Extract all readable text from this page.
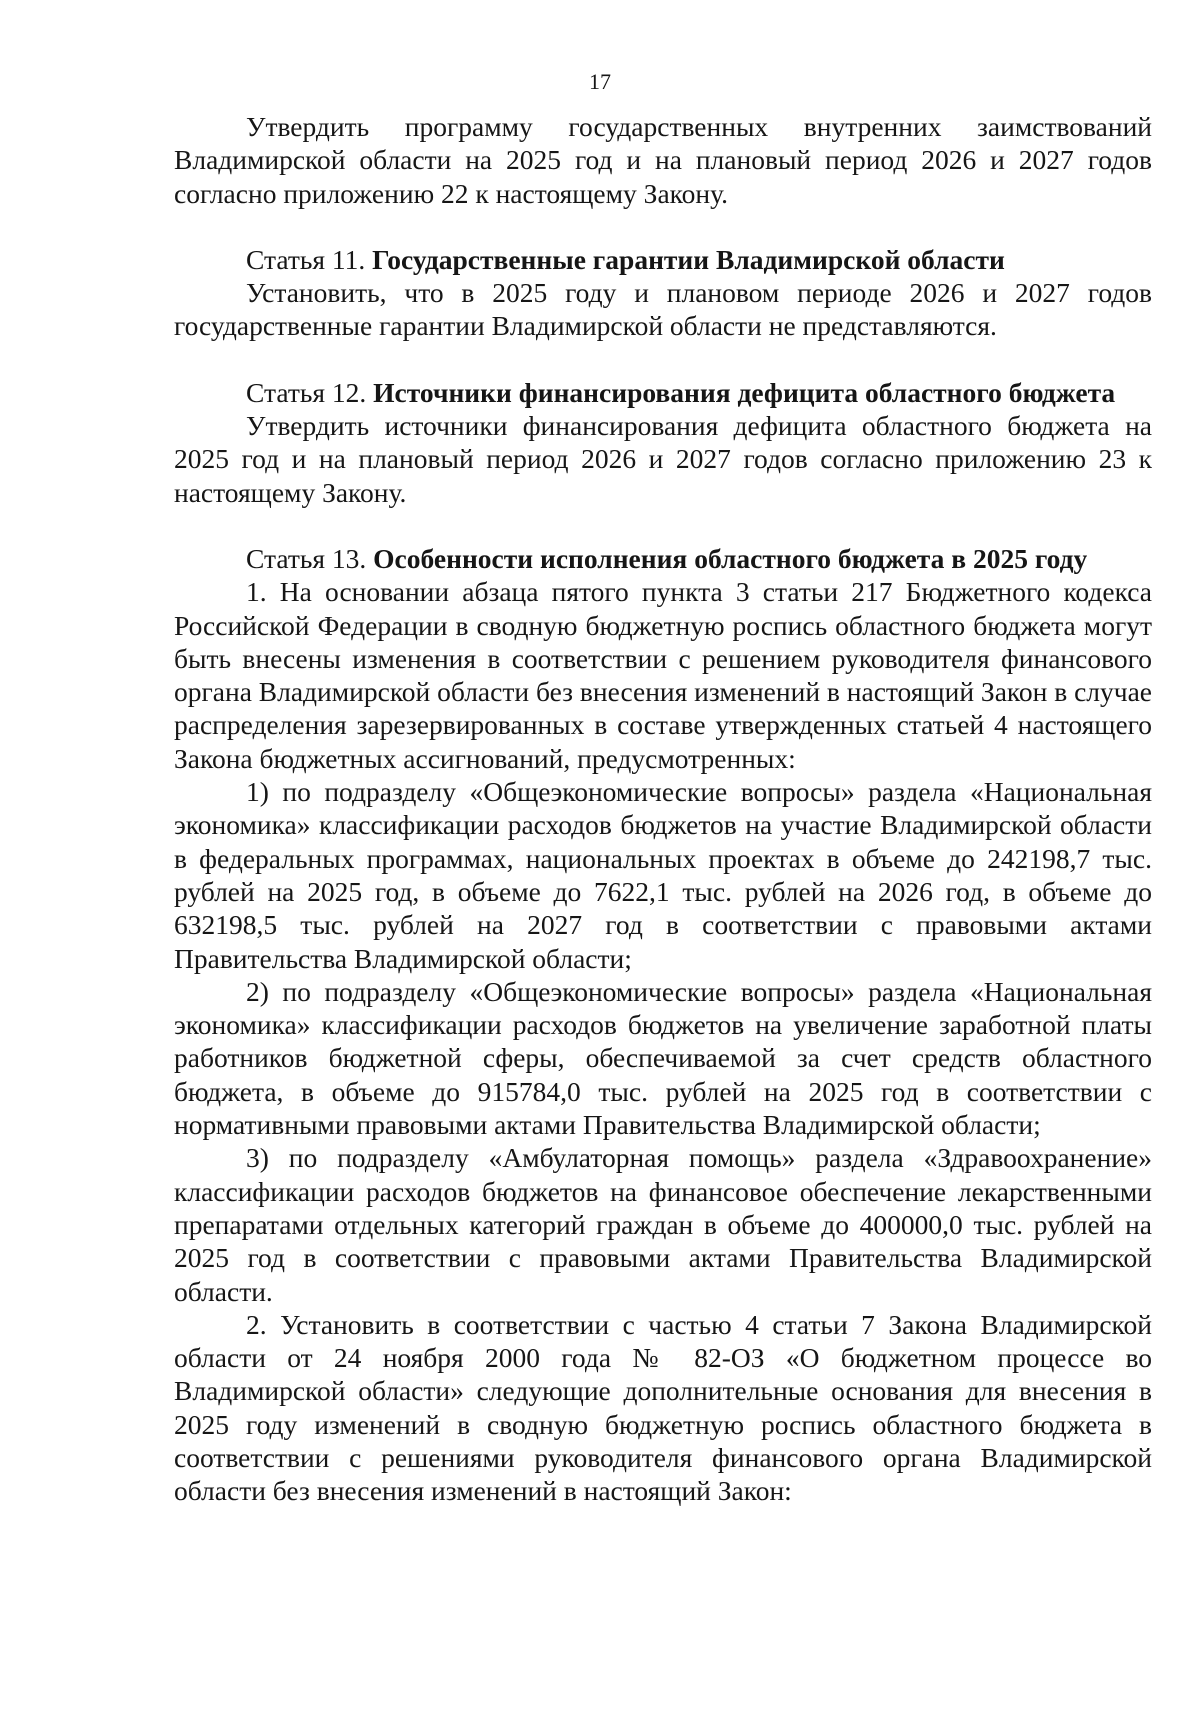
17

Утвердить программу государственных внутренних заимствований Владимирской области на 2025 год и на плановый период 2026 и 2027 годов согласно приложению 22 к настоящему Закону.

Статья 11. Государственные гарантии Владимирской области

Установить, что в 2025 году и плановом периоде 2026 и 2027 годов государственные гарантии Владимирской области не представляются.

Статья 12. Источники финансирования дефицита областного бюджета

Утвердить источники финансирования дефицита областного бюджета на 2025 год и на плановый период 2026 и 2027 годов согласно приложению 23 к настоящему Закону.

Статья 13. Особенности исполнения областного бюджета в 2025 году

1. На основании абзаца пятого пункта 3 статьи 217 Бюджетного кодекса Российской Федерации в сводную бюджетную роспись областного бюджета могут быть внесены изменения в соответствии с решением руководителя финансового органа Владимирской области без внесения изменений в настоящий Закон в случае распределения зарезервированных в составе утвержденных статьей 4 настоящего Закона бюджетных ассигнований, предусмотренных:

1) по подразделу «Общеэкономические вопросы» раздела «Национальная экономика» классификации расходов бюджетов на участие Владимирской области в федеральных программах, национальных проектах в объеме до 242198,7 тыс. рублей на 2025 год, в объеме до 7622,1 тыс. рублей на 2026 год, в объеме до 632198,5 тыс. рублей на 2027 год в соответствии с правовыми актами Правительства Владимирской области;

2) по подразделу «Общеэкономические вопросы» раздела «Национальная экономика» классификации расходов бюджетов на увеличение заработной платы работников бюджетной сферы, обеспечиваемой за счет средств областного бюджета, в объеме до 915784,0 тыс. рублей на 2025 год в соответствии с нормативными правовыми актами Правительства Владимирской области;

3) по подразделу «Амбулаторная помощь» раздела «Здравоохранение» классификации расходов бюджетов на финансовое обеспечение лекарственными препаратами отдельных категорий граждан в объеме до 400000,0 тыс. рублей на 2025 год в соответствии с правовыми актами Правительства Владимирской области.

2. Установить в соответствии с частью 4 статьи 7 Закона Владимирской области от 24 ноября 2000 года № 82-ОЗ «О бюджетном процессе во Владимирской области» следующие дополнительные основания для внесения в 2025 году изменений в сводную бюджетную роспись областного бюджета в соответствии с решениями руководителя финансового органа Владимирской области без внесения изменений в настоящий Закон:
